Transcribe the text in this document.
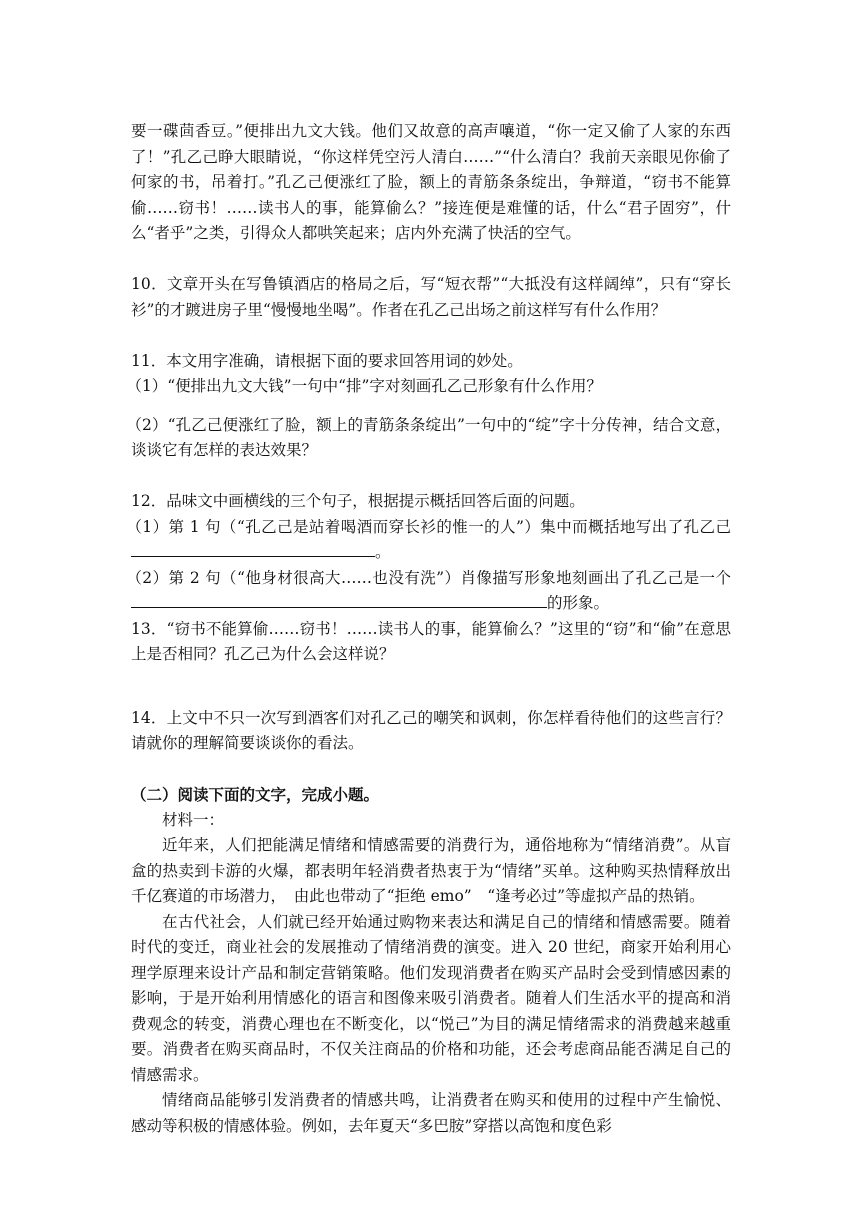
要一碟茴香豆。”便排出九文大钱。他们又故意的高声嚷道，“你一定又偷了人家的东西了！”孔乙己睁大眼睛说，“你这样凭空污人清白……”“什么清白？我前天亲眼见你偷了何家的书，吊着打。”孔乙己便涨红了脸，额上的青筋条条绽出，争辩道，“窃书不能算偷……窃书！……读书人的事，能算偷么？”接连便是难懂的话，什么“君子固穷”，什么“者乎”之类，引得众人都哄笑起来；店内外充满了快活的空气。

10．文章开头在写鲁镇酒店的格局之后，写“短衣帮”“大抵没有这样阔绰”，只有“穿长衫”的才踱进房子里“慢慢地坐喝”。作者在孔乙己出场之前这样写有什么作用？

11．本文用字准确，请根据下面的要求回答用词的妙处。

（1）“便排出九文大钱”一句中“排”字对刻画孔乙己形象有什么作用？

（2）“孔乙己便涨红了脸，额上的青筋条条绽出”一句中的“绽”字十分传神，结合文意，谈谈它有怎样的表达效果？

12．品味文中画横线的三个句子，根据提示概括回答后面的问题。

（1）第 1 句（“孔乙己是站着喝酒而穿长衫的惟一的人”）集中而概括地写出了孔乙己。

（2）第 2 句（“他身材很高大……也没有洗”）肖像描写形象地刻画出了孔乙己是一个的形象。

13．“窃书不能算偷……窃书！……读书人的事，能算偷么？”这里的“窃”和“偷”在意思上是否相同？孔乙己为什么会这样说？

14．上文中不只一次写到酒客们对孔乙己的嘲笑和讽刺，你怎样看待他们的这些言行？请就你的理解简要谈谈你的看法。

（二）阅读下面的文字，完成小题。

材料一：

近年来，人们把能满足情绪和情感需要的消费行为，通俗地称为“情绪消费”。从盲盒的热卖到卡游的火爆，都表明年轻消费者热衷于为“情绪”买单。这种购买热情释放出千亿赛道的市场潜力，　由此也带动了“拒绝 emo”　“逢考必过”等虚拟产品的热销。

在古代社会，人们就已经开始通过购物来表达和满足自己的情绪和情感需要。随着时代的变迁，商业社会的发展推动了情绪消费的演变。进入 20 世纪，商家开始利用心理学原理来设计产品和制定营销策略。他们发现消费者在购买产品时会受到情感因素的影响，于是开始利用情感化的语言和图像来吸引消费者。随着人们生活水平的提高和消费观念的转变，消费心理也在不断变化，以“悦己”为目的满足情绪需求的消费越来越重要。消费者在购买商品时，不仅关注商品的价格和功能，还会考虑商品能否满足自己的情感需求。

情绪商品能够引发消费者的情感共鸣，让消费者在购买和使用的过程中产生愉悦、感动等积极的情感体验。例如，去年夏天“多巴胺”穿搭以高饱和度色彩
